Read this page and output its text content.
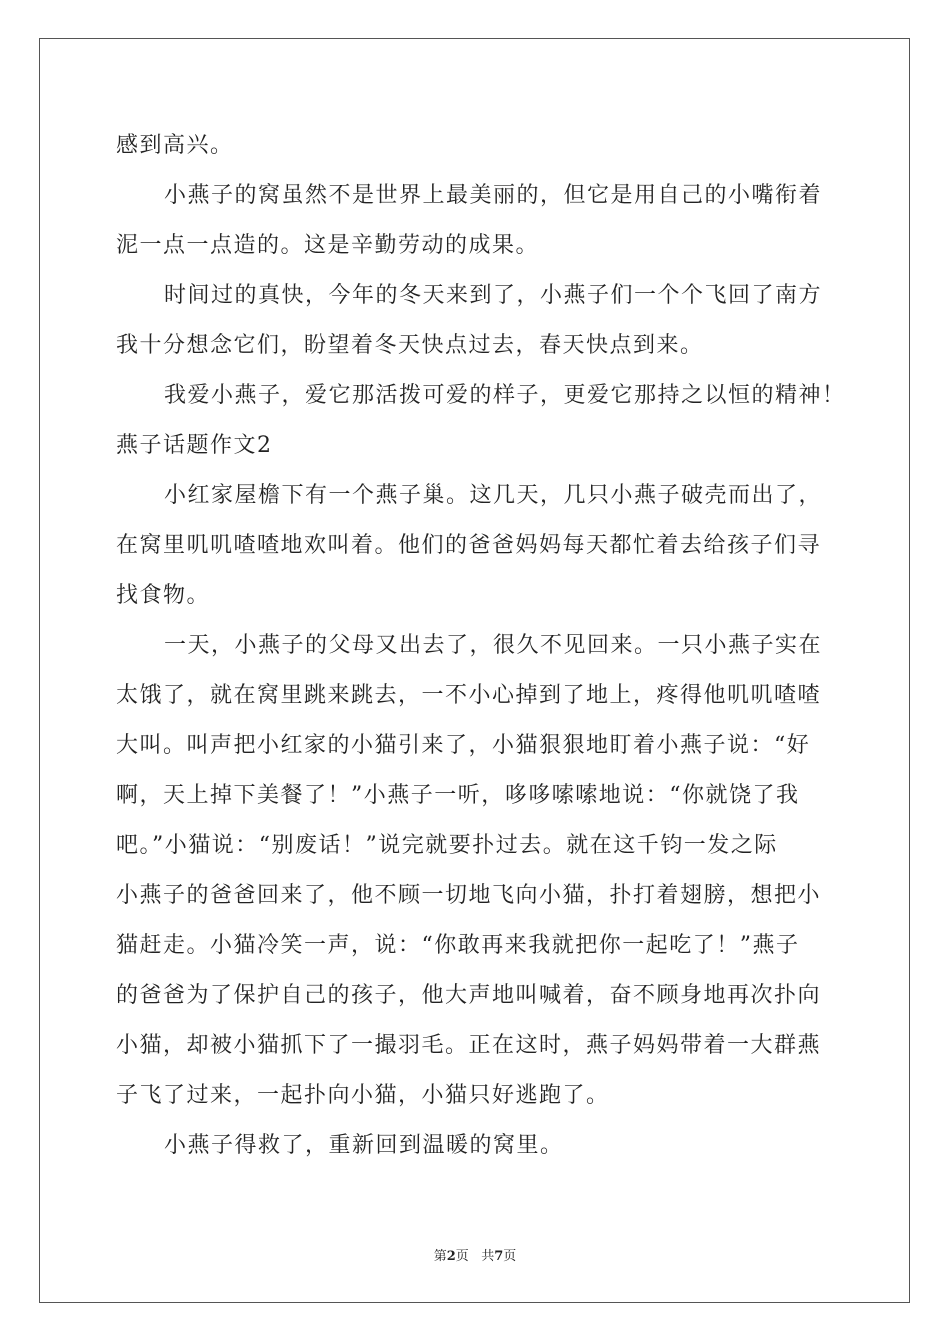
感到高兴。
小燕子的窝虽然不是世界上最美丽的，但它是用自己的小嘴衔着
泥一点一点造的。这是辛勤劳动的成果。
时间过的真快，今年的冬天来到了，小燕子们一个个飞回了南方
我十分想念它们，盼望着冬天快点过去，春天快点到来。
我爱小燕子，爱它那活拨可爱的样子，更爱它那持之以恒的精神！
燕子话题作文2
小红家屋檐下有一个燕子巢。这几天，几只小燕子破壳而出了，
在窝里叽叽喳喳地欢叫着。他们的爸爸妈妈每天都忙着去给孩子们寻
找食物。
一天，小燕子的父母又出去了，很久不见回来。一只小燕子实在
太饿了，就在窝里跳来跳去，一不小心掉到了地上，疼得他叽叽喳喳
大叫。叫声把小红家的小猫引来了，小猫狠狠地盯着小燕子说：“好
啊，天上掉下美餐了！”小燕子一听，哆哆嗦嗦地说：“你就饶了我
吧。”小猫说：“别废话！”说完就要扑过去。就在这千钧一发之际
小燕子的爸爸回来了，他不顾一切地飞向小猫，扑打着翅膀，想把小
猫赶走。小猫冷笑一声，说：“你敢再来我就把你一起吃了！”燕子
的爸爸为了保护自己的孩子，他大声地叫喊着，奋不顾身地再次扑向
小猫，却被小猫抓下了一撮羽毛。正在这时，燕子妈妈带着一大群燕
子飞了过来，一起扑向小猫，小猫只好逃跑了。
小燕子得救了，重新回到温暖的窝里。
第2页 共7页
